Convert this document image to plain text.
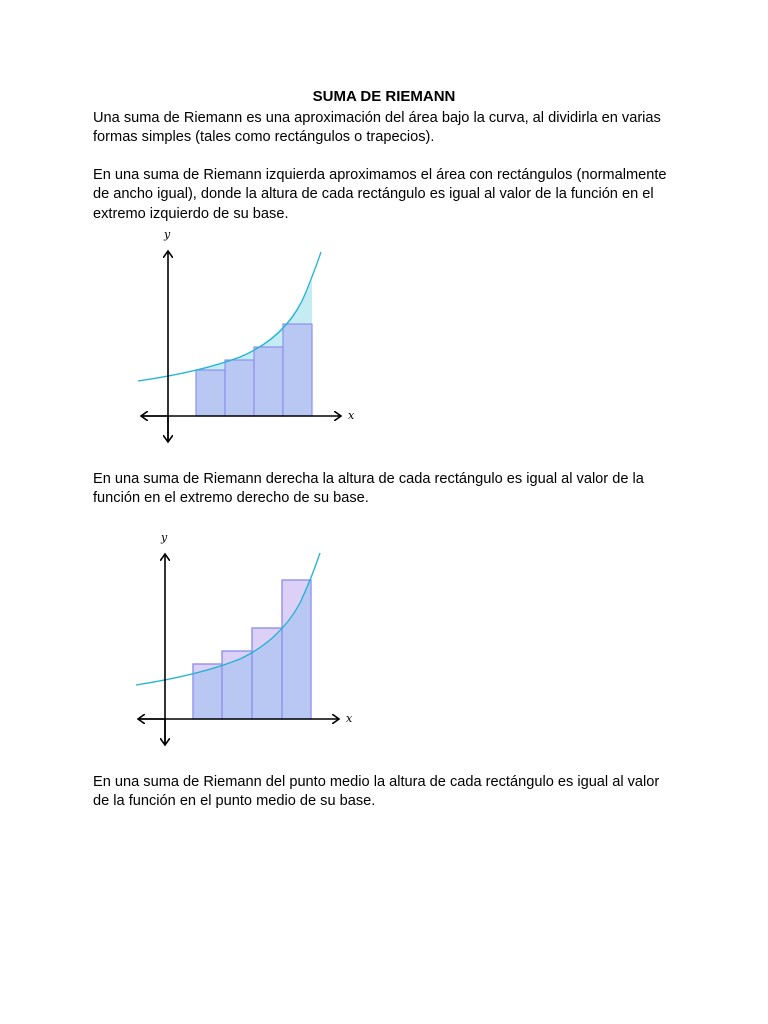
SUMA DE RIEMANN

Una suma de Riemann es una aproximación del área bajo la curva, al dividirla en varias formas simples (tales como rectángulos o trapecios).

En una suma de Riemann izquierda aproximamos el área con rectángulos (normalmente de ancho igual), donde la altura de cada rectángulo es igual al valor de la función en el extremo izquierdo de su base.

x
y

En una suma de Riemann derecha la altura de cada rectángulo es igual al valor de la función en el extremo derecho de su base.

x
y

En una suma de Riemann del punto medio la altura de cada rectángulo es igual al valor de la función en el punto medio de su base.
